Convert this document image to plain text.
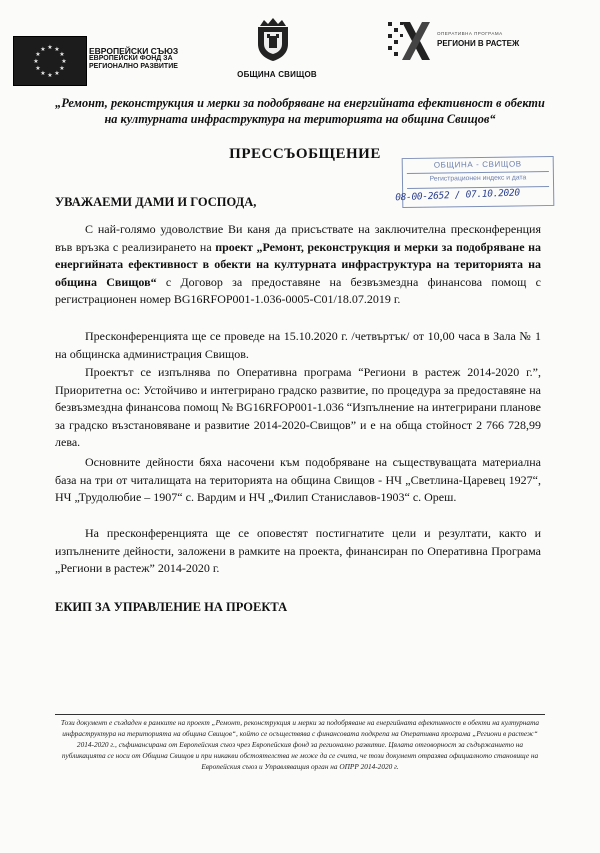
★ ★
★
★
★
★
★
★
★
★
★
★	ЕВРОПЕЙСКИ СЪЮЗ
ЕВРОПЕЙСКИ ФОНД ЗА
РЕГИОНАЛНО РАЗВИТИЕ
ОБЩИНА СВИЩОВ
ОПЕРАТИВНА ПРОГРАМА
РЕГИОНИ В РАСТЕЖ
„Ремонт, реконструкция и мерки за подобряване на енергийната ефективност в обекти
на културната инфраструктура на територията на община Свищов“
ПРЕССЪОБЩЕНИЕ
ОБЩИНА - СВИЩОВ
Регистрационен индекс и дата
08-00-2652 / 07.10.2020
УВАЖАЕМИ ДАМИ И ГОСПОДА,
С най-голямо удоволствие Ви каня да присъствате на заключителна пресконференция във връзка с реализирането на проект „Ремонт, реконструкция и мерки за подобряване на енергийната ефективност в обекти на културната инфраструктура на територията на община Свищов“ с Договор за предоставяне на безвъзмездна финансова помощ с регистрационен номер BG16RFOP001-1.036-0005-C01/18.07.2019 г.
Пресконференцията ще се проведе на 15.10.2020 г. /четвъртък/ от 10,00 часа в Зала № 1 на общинска администрация Свищов.
Проектът се изпълнява по Оперативна програма “Региони в растеж 2014-2020 г.”, Приоритетна ос: Устойчиво и интегрирано градско развитие, по процедура за предоставяне на безвъзмездна финансова помощ № BG16RFOP001-1.036 “Изпълнение на интегрирани планове за градско възстановяване и развитие 2014-2020-Свищов” и е на обща стойност 2 766 728,99 лева.
Основните дейности бяха насочени към подобряване на съществуващата материална база на три от читалищата на територията на община Свищов - НЧ „Светлина-Царевец 1927“, НЧ „Трудолюбие – 1907“ с. Вардим и НЧ „Филип Станиславов-1903“ с. Ореш.
На пресконференцията ще се оповестят постигнатите цели и резултати, както и изпълнените дейности, заложени в рамките на проекта, финансиран по Оперативна Програма „Региони в растеж” 2014-2020 г.
ЕКИП ЗА УПРАВЛЕНИЕ НА ПРОЕКТА
Този документ е създаден в рамките на проект „Ремонт, реконструкция и мерки за подобряване на енергийната ефективност в обекти на културната инфраструктура на територията на община Свищов“, който се осъществява с финансовата подкрепа на Оперативна програма „Региони в растеж“ 2014-2020 г., съфинансирана от Европейския съюз чрез Европейския фонд за регионално развитие. Цялата отговорност за съдържанието на публикацията се носи от Община Свищов и при никакви обстоятелства не може да се счита, че този документ отразява официалното становище на Европейския съюз и Управляващия орган на ОПРР 2014-2020 г.
